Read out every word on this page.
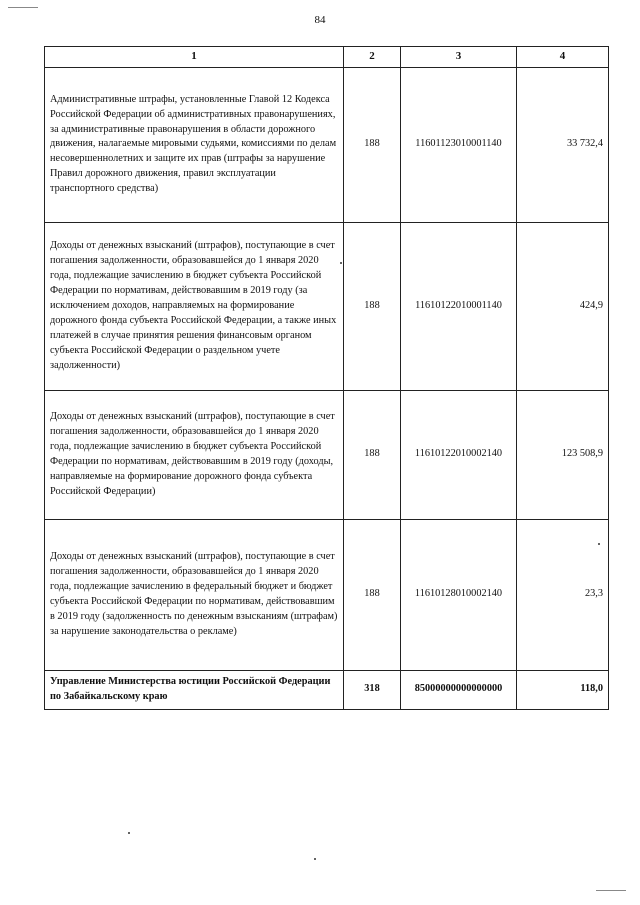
84
1	2	3	4
Административные штрафы, установленные Главой 12 Кодекса Российской Федерации об административных правонарушениях, за административные правонарушения в области дорожного движения, налагаемые мировыми судьями, комиссиями по делам несовершеннолетних и защите их прав (штрафы за нарушение Правил дорожного движения, правил эксплуатации транспортного средства)	188	11601123010001140	33 732,4
Доходы от денежных взысканий (штрафов), поступающие в счет погашения задолженности, образовавшейся до 1 января 2020 года, подлежащие зачислению в бюджет субъекта Российской Федерации по нормативам, действовавшим в 2019 году (за исключением доходов, направляемых на формирование дорожного фонда субъекта Российской Федерации, а также иных платежей в случае принятия решения финансовым органом субъекта Российской Федерации о раздельном учете задолженности)	188	11610122010001140	424,9
Доходы от денежных взысканий (штрафов), поступающие в счет погашения задолженности, образовавшейся до 1 января 2020 года, подлежащие зачислению в бюджет субъекта Российской Федерации по нормативам, действовавшим в 2019 году (доходы, направляемые на формирование дорожного фонда субъекта Российской Федерации)	188	11610122010002140	123 508,9
Доходы от денежных взысканий (штрафов), поступающие в счет погашения задолженности, образовавшейся до 1 января 2020 года, подлежащие зачислению в федеральный бюджет и бюджет субъекта Российской Федерации по нормативам, действовавшим в 2019 году (задолженность по денежным взысканиям (штрафам) за нарушение законодательства о рекламе)	188	11610128010002140	23,3
Управление Министерства юстиции Российской Федерации по Забайкальскому краю	318	85000000000000000	118,0
